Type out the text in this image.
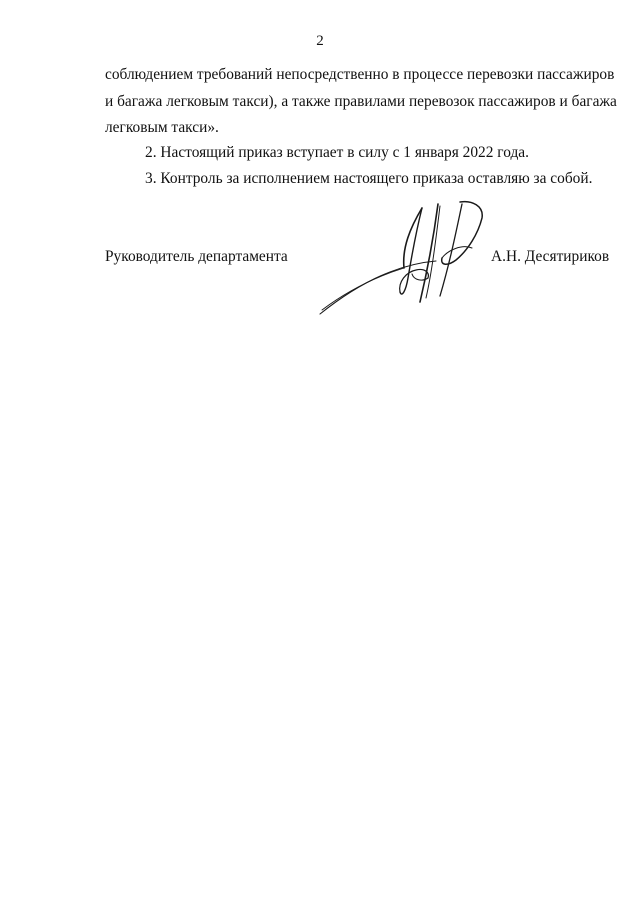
2
соблюдением требований непосредственно в процессе перевозки пассажиров
и багажа легковым такси), а также правилами перевозок пассажиров и багажа
легковым такси».
2. Настоящий приказ вступает в силу с 1 января 2022 года.
3. Контроль за исполнением настоящего приказа оставляю за собой.
Руководитель департамента	А.Н. Десятириков
